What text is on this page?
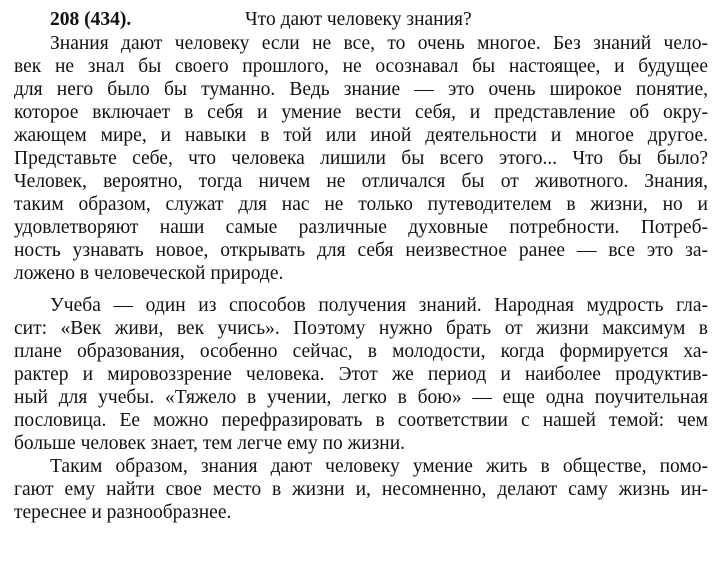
208 (434).	Что дают человеку знания?

Знания дают человеку если не все, то очень многое. Без знаний чело-
век не знал бы своего прошлого, не осознавал бы настоящее, и будущее
для него было бы туманно. Ведь знание — это очень широкое понятие,
которое включает в себя и умение вести себя, и представление об окру-
жающем мире, и навыки в той или иной деятельности и многое другое.
Представьте себе, что человека лишили бы всего этого... Что бы было?
Человек, вероятно, тогда ничем не отличался бы от животного. Знания,
таким образом, служат для нас не только путеводителем в жизни, но и
удовлетворяют наши самые различные духовные потребности. Потреб-
ность узнавать новое, открывать для себя неизвестное ранее — все это за-
ложено в человеческой природе.

Учеба — один из способов получения знаний. Народная мудрость гла-
сит: «Век живи, век учись». Поэтому нужно брать от жизни максимум в
плане образования, особенно сейчас, в молодости, когда формируется ха-
рактер и мировоззрение человека. Этот же период и наиболее продуктив-
ный для учебы. «Тяжело в учении, легко в бою» — еще одна поучительная
пословица. Ее можно перефразировать в соответствии с нашей темой: чем
больше человек знает, тем легче ему по жизни.

Таким образом, знания дают человеку умение жить в обществе, помо-
гают ему найти свое место в жизни и, несомненно, делают саму жизнь ин-
тереснее и разнообразнее.
